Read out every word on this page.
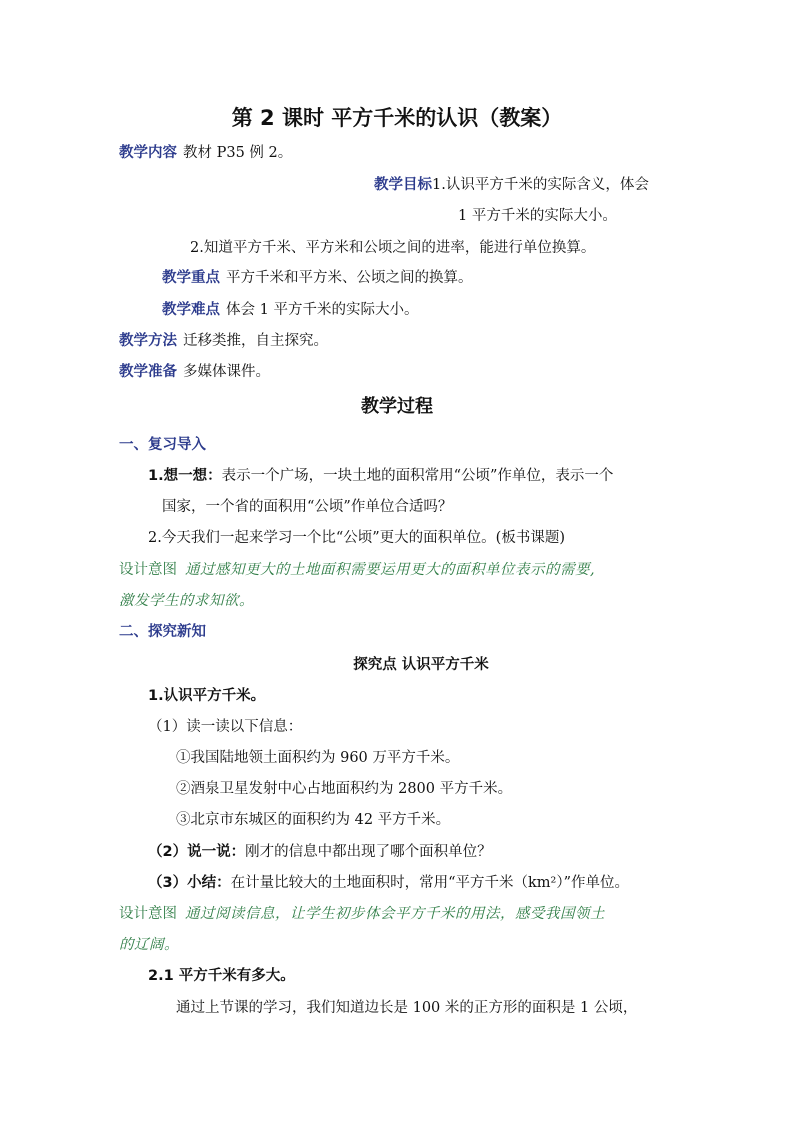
第 2 课时 平方千米的认识（教案）
教学内容 教材 P35 例 2。
教学目标1.认识平方千米的实际含义，体会
1 平方千米的实际大小。
2.知道平方千米、平方米和公顷之间的进率，能进行单位换算。
教学重点 平方千米和平方米、公顷之间的换算。
教学难点 体会 1 平方千米的实际大小。
教学方法 迁移类推，自主探究。
教学准备 多媒体课件。
教学过程
一、复习导入
1.想一想：表示一个广场，一块土地的面积常用“公顷”作单位，表示一个
国家，一个省的面积用“公顷”作单位合适吗？
2.今天我们一起来学习一个比“公顷”更大的面积单位。(板书课题)
设计意图 通过感知更大的土地面积需要运用更大的面积单位表示的需要,
激发学生的求知欲。
二、探究新知
探究点 认识平方千米
1.认识平方千米。
（1）读一读以下信息：
①我国陆地领土面积约为 960 万平方千米。
②酒泉卫星发射中心占地面积约为 2800 平方千米。
③北京市东城区的面积约为 42 平方千米。
（2）说一说：刚才的信息中都出现了哪个面积单位？
（3）小结：在计量比较大的土地面积时，常用“平方千米（km²）”作单位。
设计意图 通过阅读信息，让学生初步体会平方千米的用法，感受我国领土
的辽阔。
2.1 平方千米有多大。
通过上节课的学习，我们知道边长是 100 米的正方形的面积是 1 公顷，
